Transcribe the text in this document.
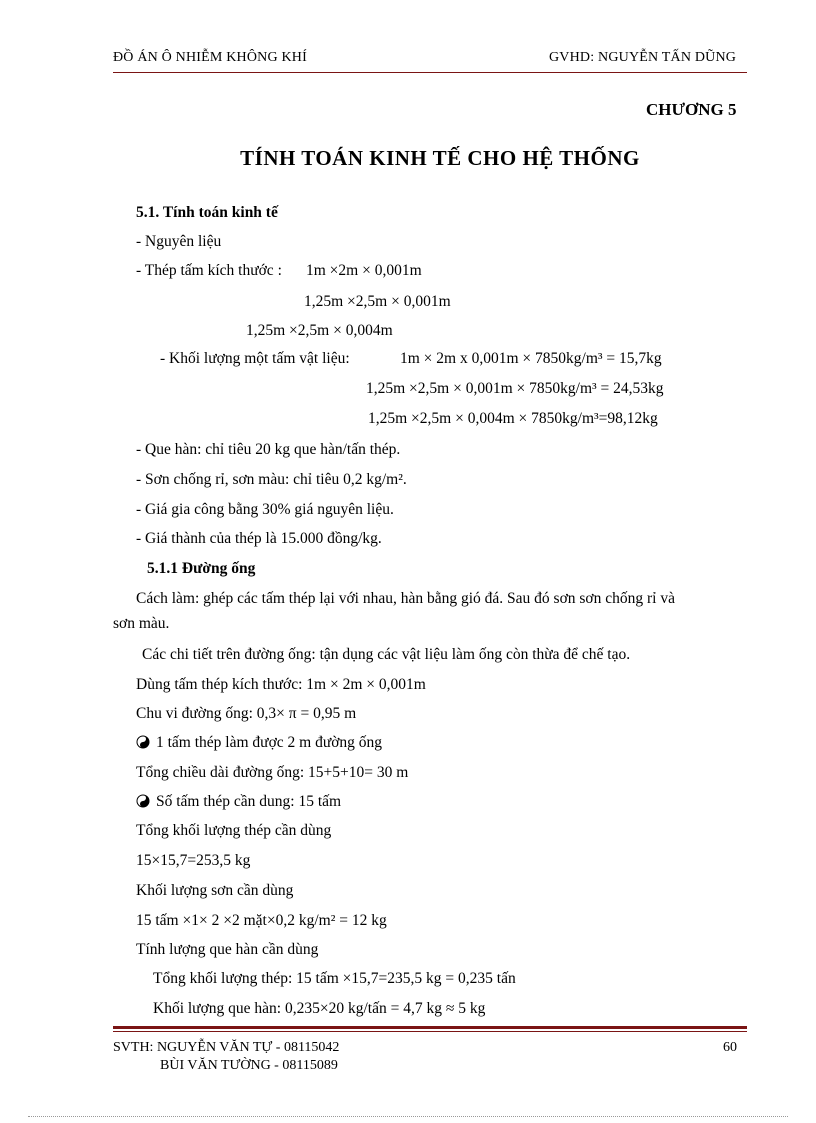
ĐỒ ÁN Ô NHIỄM KHÔNG KHÍ	GVHD: NGUYỄN TẤN DŨNG
CHƯƠNG 5
TÍNH TOÁN KINH TẾ CHO HỆ THỐNG
5.1. Tính toán kinh tế
- Nguyên liệu
- Thép tấm kích thước : 1m ×2m × 0,001m
1,25m ×2,5m × 0,001m
1,25m ×2,5m × 0,004m
- Khối lượng một tấm vật liệu:	1m × 2m x 0,001m × 7850kg/m³ = 15,7kg
1,25m ×2,5m × 0,001m × 7850kg/m³ = 24,53kg
1,25m ×2,5m × 0,004m × 7850kg/m³=98,12kg
- Que hàn: chỉ tiêu 20 kg que hàn/tấn thép.
- Sơn chống rỉ, sơn màu: chỉ tiêu 0,2 kg/m².
- Giá gia công bằng 30% giá nguyên liệu.
- Giá thành của thép là 15.000 đồng/kg.
5.1.1 Đường ống
Cách làm: ghép các tấm thép lại với nhau, hàn bằng gió đá. Sau đó sơn sơn chống rỉ và
sơn màu.
Các chi tiết trên đường ống: tận dụng các vật liệu làm ống còn thừa để chế tạo.
Dùng tấm thép kích thước: 1m × 2m × 0,001m
Chu vi đường ống: 0,3× π = 0,95 m
1 tấm thép làm được 2 m đường ống
Tổng chiều dài đường ống: 15+5+10= 30 m
Số tấm thép cần dung: 15 tấm
Tổng khối lượng thép cần dùng
15×15,7=253,5 kg
Khối lượng sơn cần dùng
15 tấm ×1× 2 ×2 mặt×0,2 kg/m² = 12 kg
Tính lượng que hàn cần dùng
Tổng khối lượng thép: 15 tấm ×15,7=235,5 kg = 0,235 tấn
Khối lượng que hàn: 0,235×20 kg/tấn = 4,7 kg ≈ 5 kg
SVTH: NGUYỄN VĂN TỰ - 08115042
BÙI VĂN TƯỜNG - 08115089
60
